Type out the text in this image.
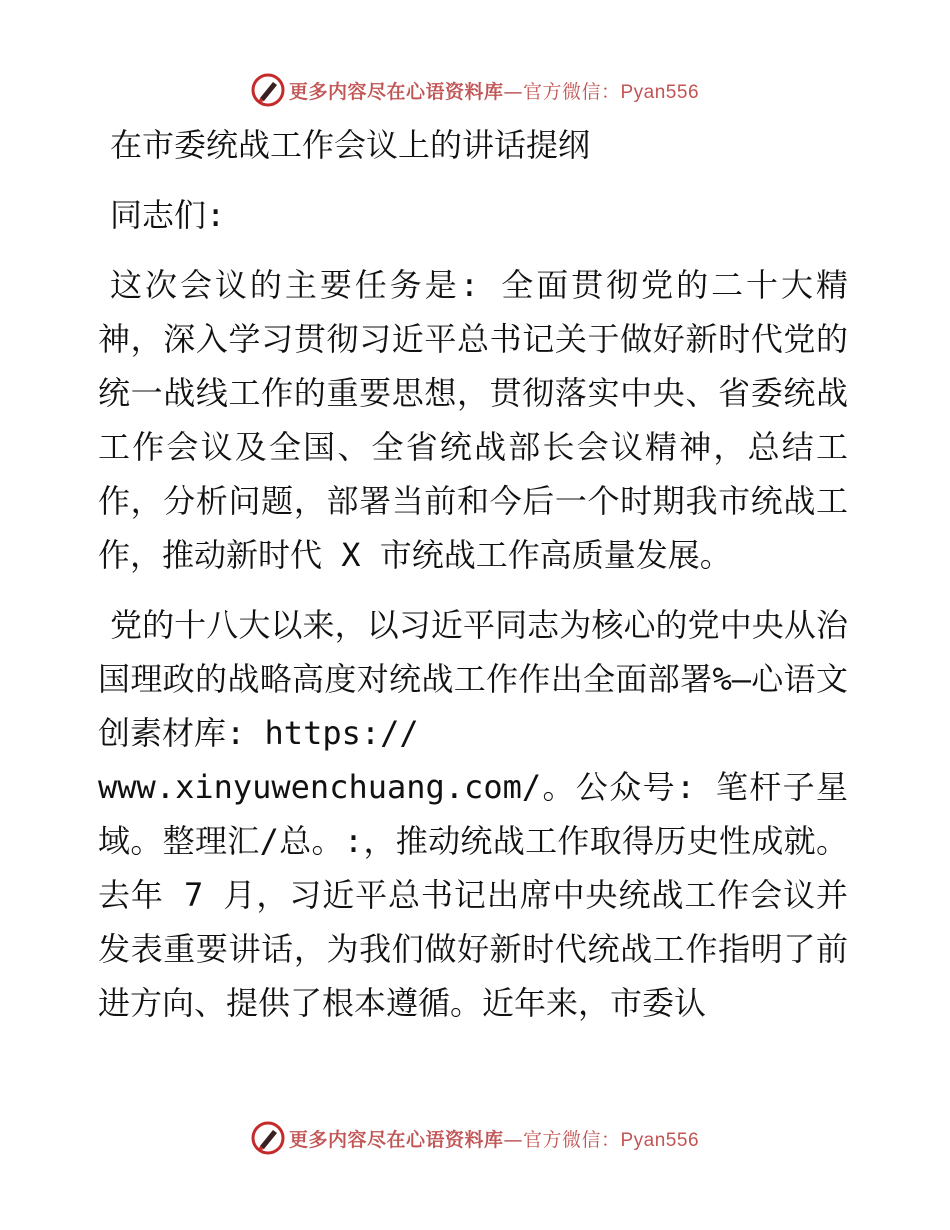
更多内容尽在心语资料库—官方微信：Pyan556
在市委统战工作会议上的讲话提纲
同志们:

这次会议的主要任务是: 全面贯彻党的二十大精神，深入学习贯彻习近平总书记关于做好新时代党的统一战线工作的重要思想，贯彻落实中央、省委统战工作会议及全国、全省统战部长会议精神，总结工作，分析问题，部署当前和今后一个时期我市统战工作，推动新时代 X 市统战工作高质量发展。

党的十八大以来，以习近平同志为核心的党中央从治国理政的战略高度对统战工作作出全面部署%—心语文创素材库: https://
www.xinyuwenchuang.com/。公众号: 笔杆子星域。整理汇/总。:，推动统战工作取得历史性成就。去年 7 月，习近平总书记出席中央统战工作会议并发表重要讲话，为我们做好新时代统战工作指明了前进方向、提供了根本遵循。近年来，市委认

更多内容尽在心语资料库—官方微信：Pyan556
